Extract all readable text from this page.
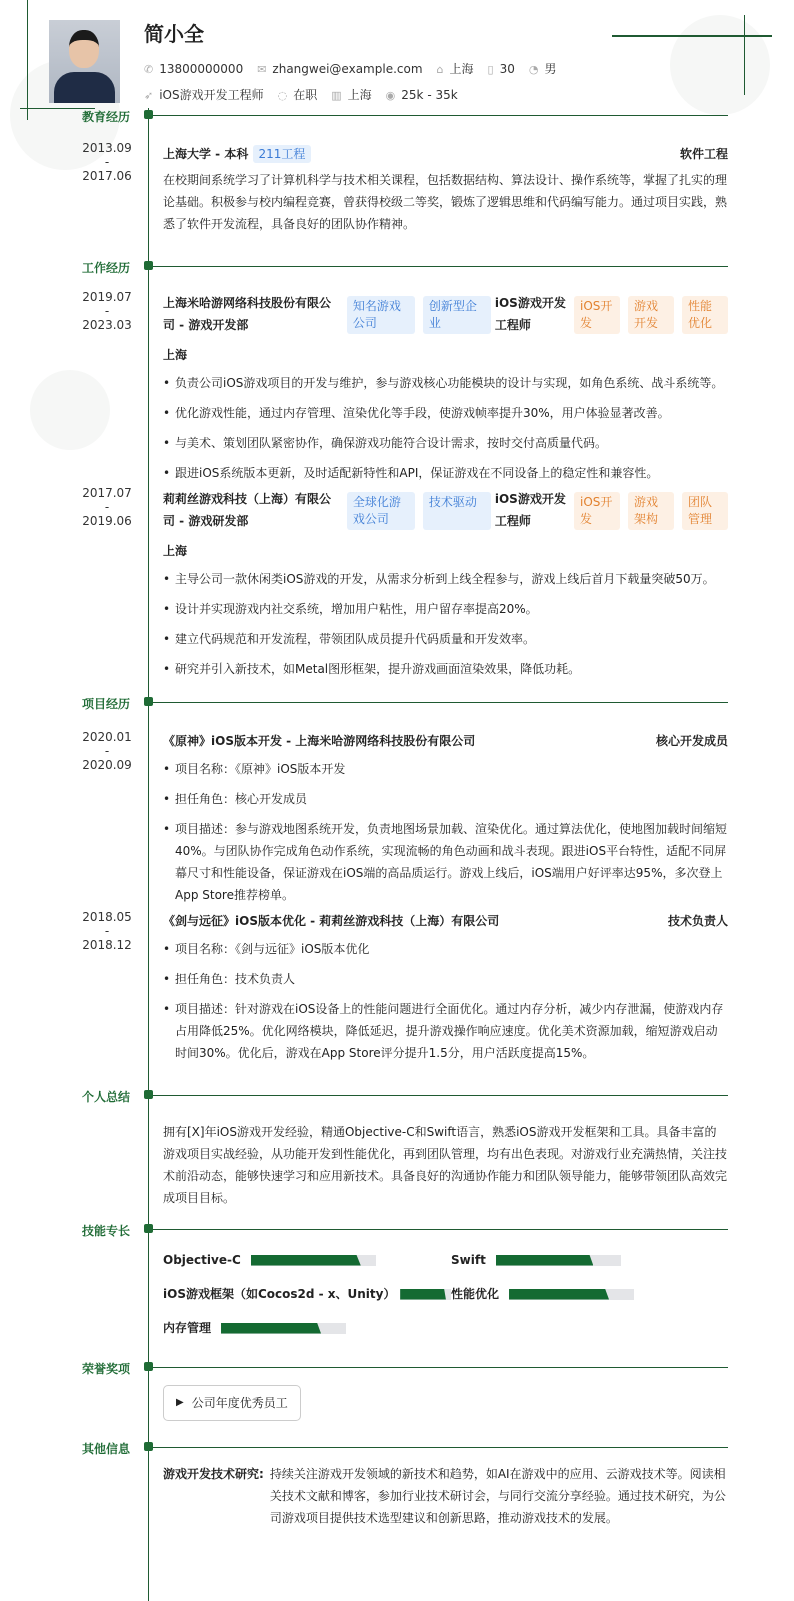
简小全
✆ 13800000000 ✉ zhangwei@example.com ⌂ 上海 ▯ 30 ◔ 男
➶ iOS游戏开发工程师 ◌ 在职 ▥ 上海 ◉ 25k - 35k
教育经历
2013.09
-
2017.06
上海大学 - 本科 211工程	软件工程
在校期间系统学习了计算机科学与技术相关课程，包括数据结构、算法设计、操作系统等，掌握了扎实的理论基础。积极参与校内编程竞赛，曾获得校级二等奖，锻炼了逻辑思维和代码编写能力。通过项目实践，熟悉了软件开发流程，具备良好的团队协作精神。
工作经历
2019.07
-
2023.03
上海米哈游网络科技股份有限公司 - 游戏开发部
知名游戏公司
创新型企业
iOS游戏开发工程师
iOS开发
游戏开发
性能优化
上海
• 负责公司iOS游戏项目的开发与维护，参与游戏核心功能模块的设计与实现，如角色系统、战斗系统等。
• 优化游戏性能，通过内存管理、渲染优化等手段，使游戏帧率提升30%，用户体验显著改善。
• 与美术、策划团队紧密协作，确保游戏功能符合设计需求，按时交付高质量代码。
• 跟进iOS系统版本更新，及时适配新特性和API，保证游戏在不同设备上的稳定性和兼容性。
2017.07
-
2019.06
莉莉丝游戏科技（上海）有限公司 - 游戏研发部
全球化游戏公司
技术驱动	iOS游戏开发工程师
iOS开发
游戏架构
团队管理
上海
• 主导公司一款休闲类iOS游戏的开发，从需求分析到上线全程参与，游戏上线后首月下载量突破50万。
• 设计并实现游戏内社交系统，增加用户粘性，用户留存率提高20%。
• 建立代码规范和开发流程，带领团队成员提升代码质量和开发效率。
• 研究并引入新技术，如Metal图形框架，提升游戏画面渲染效果，降低功耗。
项目经历
2020.01
-
2020.09
《原神》iOS版本开发 - 上海米哈游网络科技股份有限公司	核心开发成员
• 项目名称：《原神》iOS版本开发
• 担任角色：核心开发成员
• 项目描述：参与游戏地图系统开发，负责地图场景加载、渲染优化。通过算法优化，使地图加载时间缩短40%。与团队协作完成角色动作系统，实现流畅的角色动画和战斗表现。跟进iOS平台特性，适配不同屏幕尺寸和性能设备，保证游戏在iOS端的高品质运行。游戏上线后，iOS端用户好评率达95%，多次登上App Store推荐榜单。
2018.05
-
2018.12
《剑与远征》iOS版本优化 - 莉莉丝游戏科技（上海）有限公司	技术负责人
• 项目名称：《剑与远征》iOS版本优化
• 担任角色：技术负责人
• 项目描述：针对游戏在iOS设备上的性能问题进行全面优化。通过内存分析，减少内存泄漏，使游戏内存占用降低25%。优化网络模块，降低延迟，提升游戏操作响应速度。优化美术资源加载，缩短游戏启动时间30%。优化后，游戏在App Store评分提升1.5分，用户活跃度提高15%。
个人总结
拥有[X]年iOS游戏开发经验，精通Objective-C和Swift语言，熟悉iOS游戏开发框架和工具。具备丰富的游戏项目实战经验，从功能开发到性能优化，再到团队管理，均有出色表现。对游戏行业充满热情，关注技术前沿动态，能够快速学习和应用新技术。具备良好的沟通协作能力和团队领导能力，能够带领团队高效完成项目目标。
技能专长
Objective-C	Swift
iOS游戏框架（如Cocos2d - x、Unity）	性能优化
内存管理
荣誉奖项
▶ 公司年度优秀员工
其他信息
游戏开发技术研究: 持续关注游戏开发领域的新技术和趋势，如AI在游戏中的应用、云游戏技术等。阅读相关技术文献和博客，参加行业技术研讨会，与同行交流分享经验。通过技术研究，为公司游戏项目提供技术选型建议和创新思路，推动游戏技术的发展。
